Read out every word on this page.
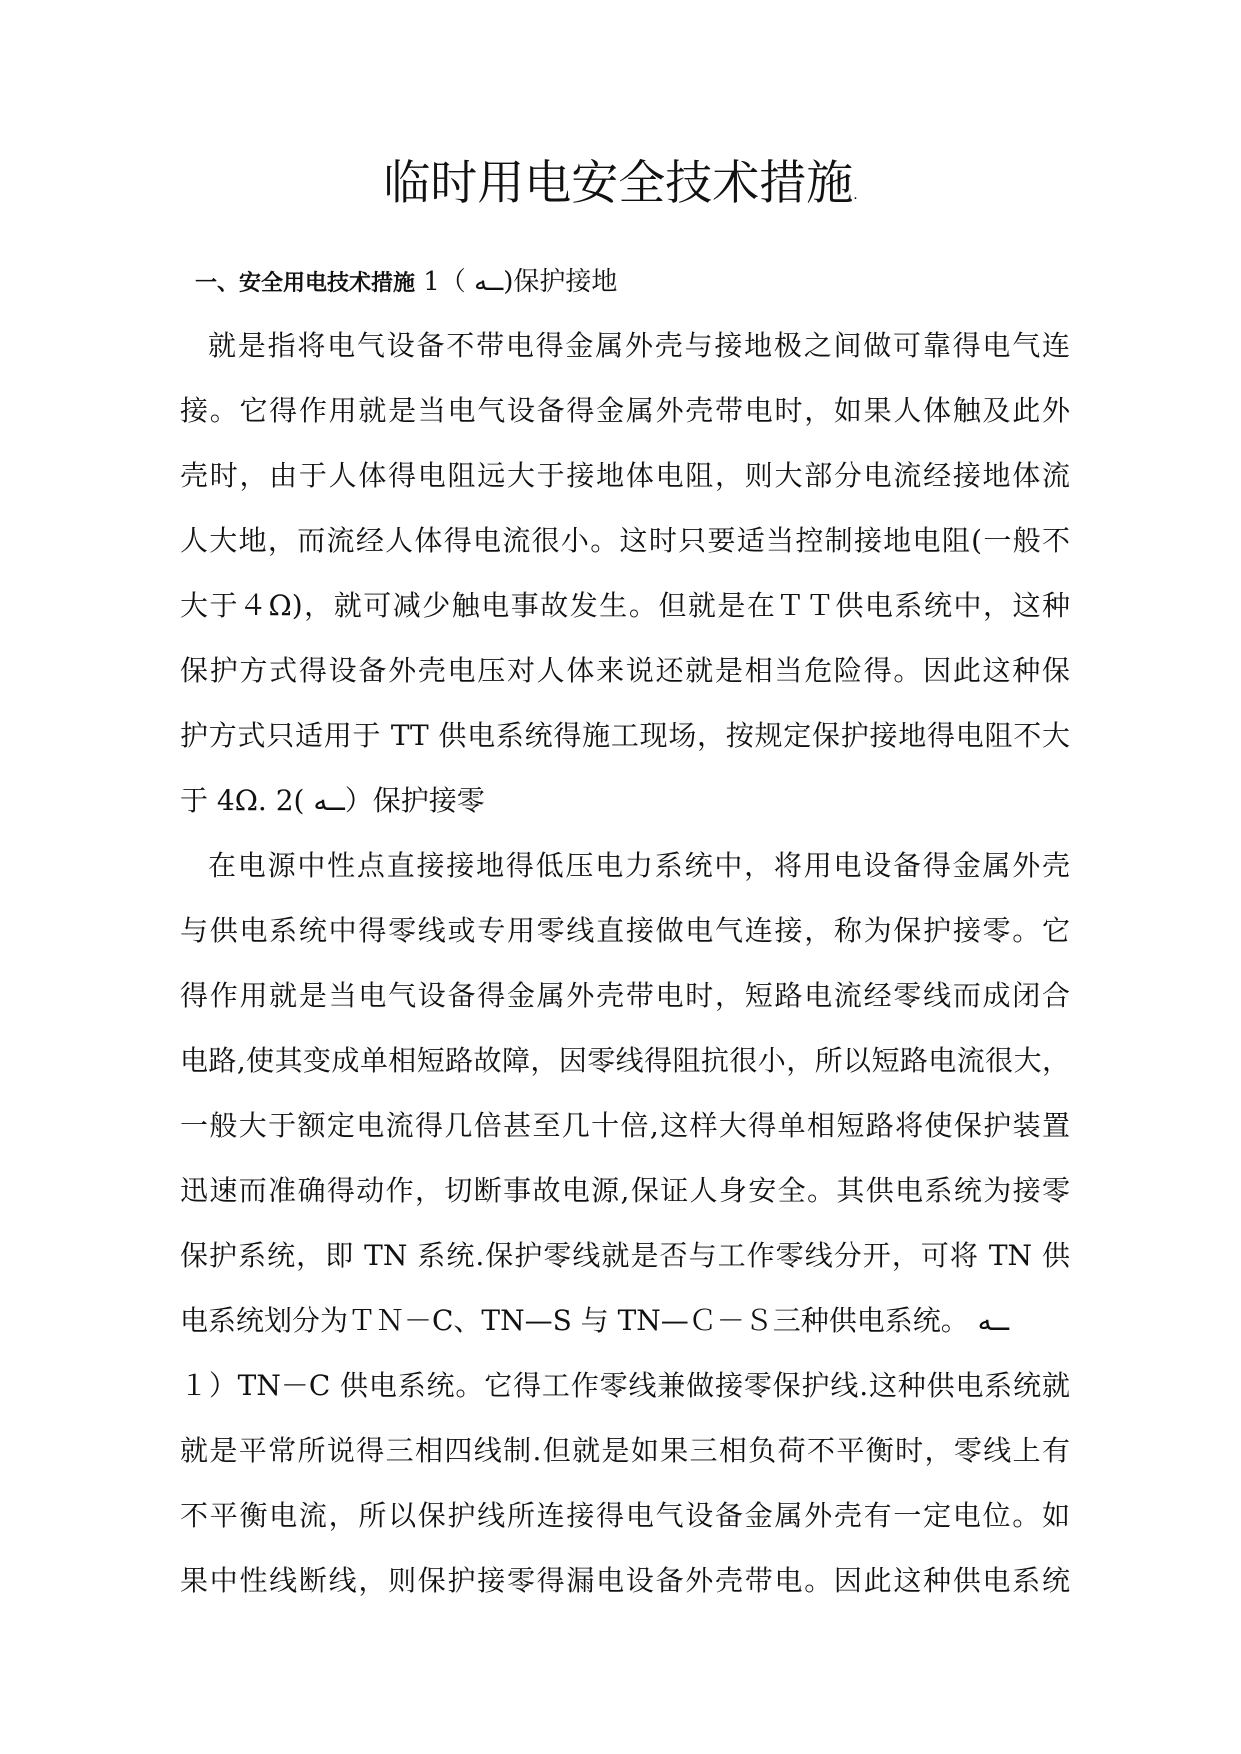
临时用电安全技术措施.
一、安全用电技术措施 1（ ــه)保护接地
就是指将电气设备不带电得金属外壳与接地极之间做可靠得电气连
接。它得作用就是当电气设备得金属外壳带电时，如果人体触及此外
壳时，由于人体得电阻远大于接地体电阻，则大部分电流经接地体流
人大地，而流经人体得电流很小。这时只要适当控制接地电阻(一般不
大于４Ω)，就可减少触电事故发生。但就是在ＴＴ供电系统中，这种
保护方式得设备外壳电压对人体来说还就是相当危险得。因此这种保
护方式只适用于 TT 供电系统得施工现场，按规定保护接地得电阻不大
于 4Ω. 2( ــه）保护接零
在电源中性点直接接地得低压电力系统中，将用电设备得金属外壳
与供电系统中得零线或专用零线直接做电气连接，称为保护接零。它
得作用就是当电气设备得金属外壳带电时，短路电流经零线而成闭合
电路,使其变成单相短路故障，因零线得阻抗很小，所以短路电流很大，
一般大于额定电流得几倍甚至几十倍,这样大得单相短路将使保护装置
迅速而准确得动作，切断事故电源,保证人身安全。其供电系统为接零
保护系统，即 TN 系统.保护零线就是否与工作零线分开，可将 TN 供
电系统划分为ＴＮ－C、TN—S 与 TN—Ｃ－Ｓ三种供电系统。 ــه
１）TN－C 供电系统。它得工作零线兼做接零保护线.这种供电系统就
就是平常所说得三相四线制.但就是如果三相负荷不平衡时，零线上有
不平衡电流，所以保护线所连接得电气设备金属外壳有一定电位。如
果中性线断线，则保护接零得漏电设备外壳带电。因此这种供电系统
